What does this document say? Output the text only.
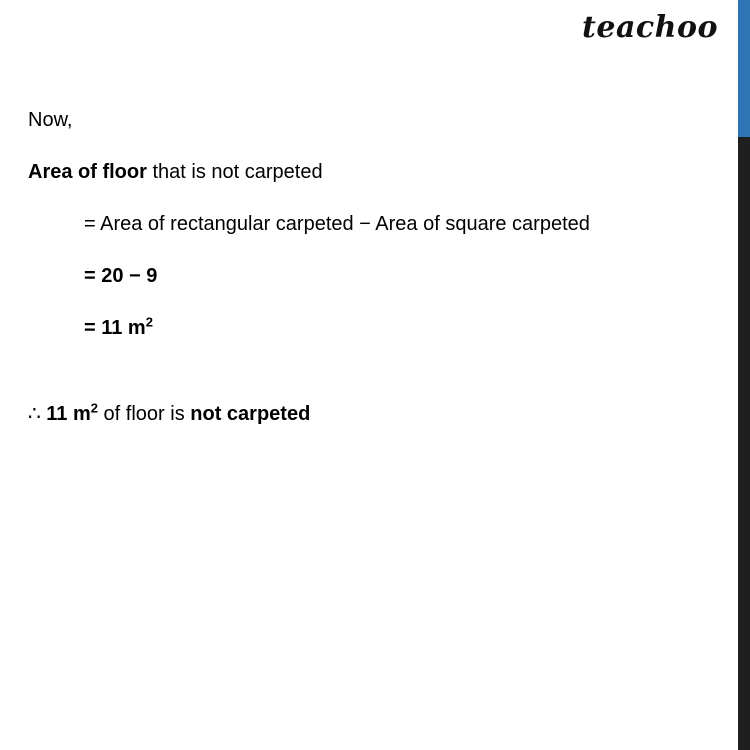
teachoo
Now,
Area of floor that is not carpeted
= Area of rectangular carpeted − Area of square carpeted
= 20 − 9
= 11 $m^2$
∴ 11 $m^2$ of floor is not carpeted
